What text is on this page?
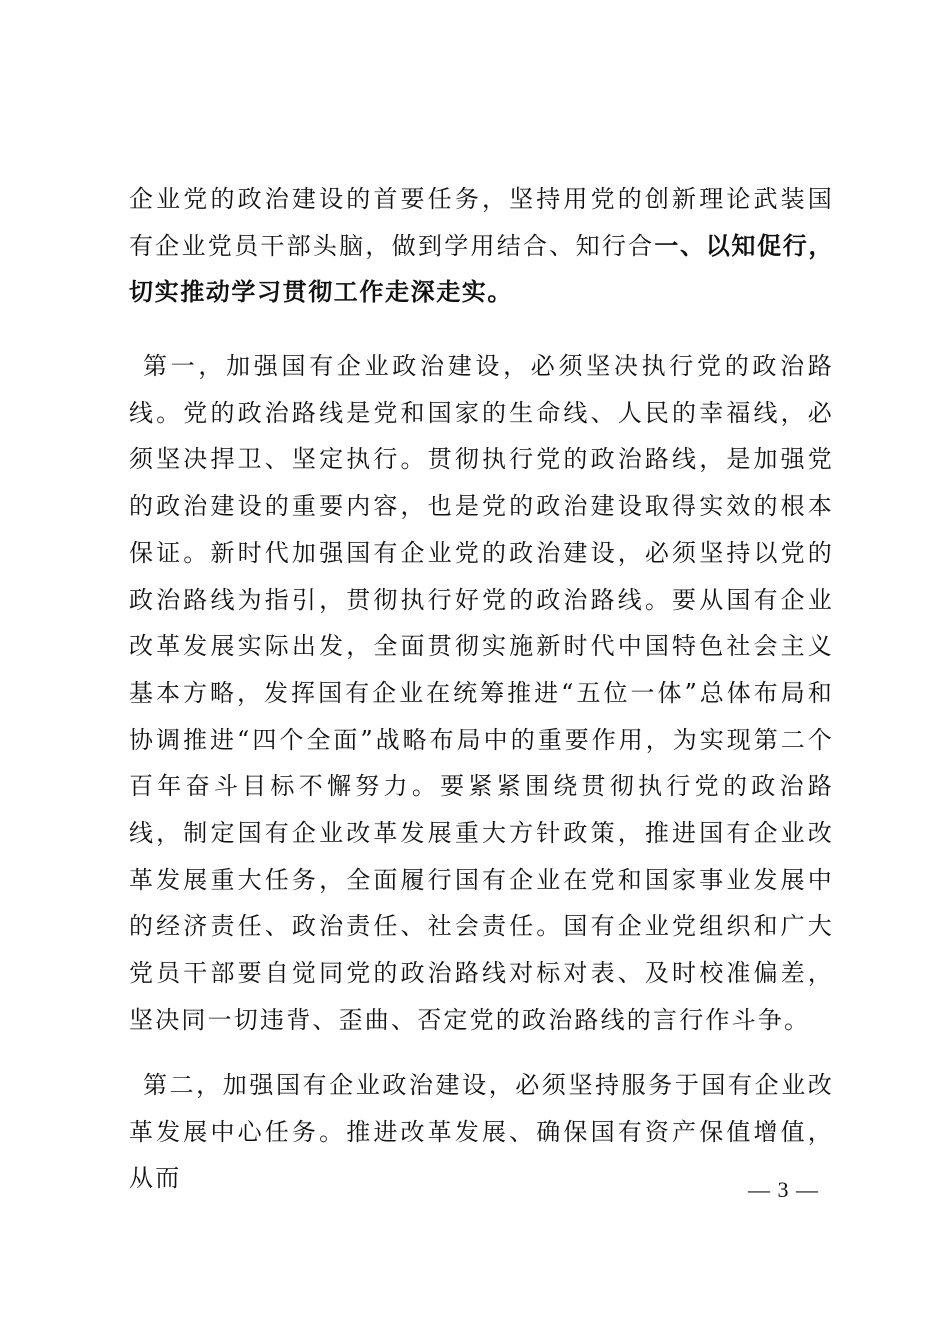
企业党的政治建设的首要任务，坚持用党的创新理论武装国有企业党员干部头脑，做到学用结合、知行合一、以知促行，切实推动学习贯彻工作走深走实。

第一，加强国有企业政治建设，必须坚决执行党的政治路线。党的政治路线是党和国家的生命线、人民的幸福线，必须坚决捍卫、坚定执行。贯彻执行党的政治路线，是加强党的政治建设的重要内容，也是党的政治建设取得实效的根本保证。新时代加强国有企业党的政治建设，必须坚持以党的政治路线为指引，贯彻执行好党的政治路线。要从国有企业改革发展实际出发，全面贯彻实施新时代中国特色社会主义基本方略，发挥国有企业在统筹推进“五位一体”总体布局和协调推进“四个全面”战略布局中的重要作用，为实现第二个百年奋斗目标不懈努力。要紧紧围绕贯彻执行党的政治路线，制定国有企业改革发展重大方针政策，推进国有企业改革发展重大任务，全面履行国有企业在党和国家事业发展中的经济责任、政治责任、社会责任。国有企业党组织和广大党员干部要自觉同党的政治路线对标对表、及时校准偏差，坚决同一切违背、歪曲、否定党的政治路线的言行作斗争。

第二，加强国有企业政治建设，必须坚持服务于国有企业改革发展中心任务。推进改革发展、确保国有资产保值增值，从而	— 3 —
